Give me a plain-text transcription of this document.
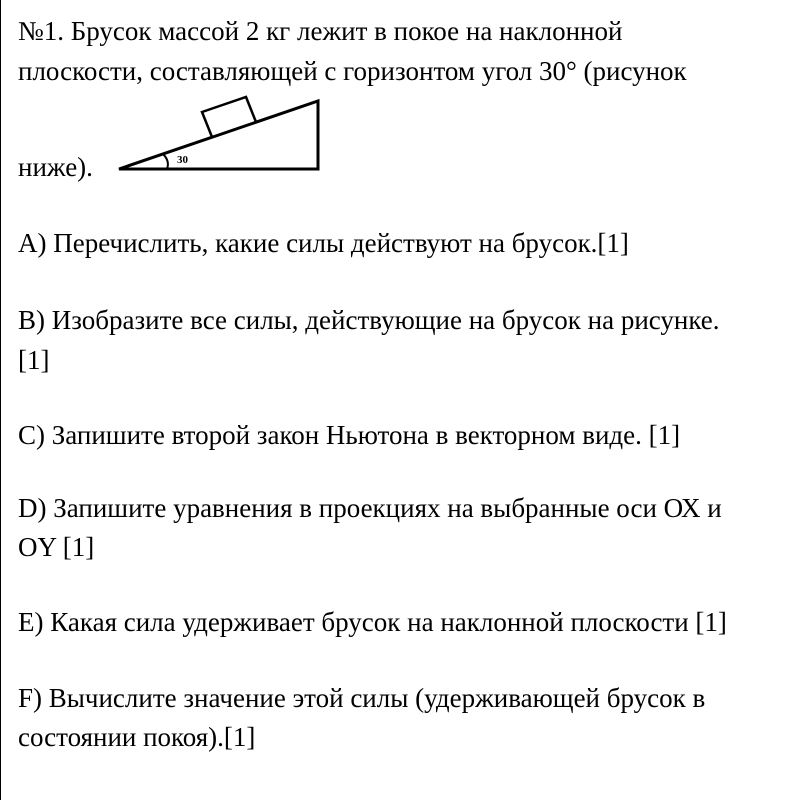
№1. Брусок массой 2 кг лежит в покое на наклонной

плоскости, составляющей с горизонтом угол 30° (рисунок

30

ниже).

А) Перечислить, какие силы действуют на брусок.[1]

В) Изобразите все силы, действующие на брусок на рисунке.

[1]

С) Запишите второй закон Ньютона в векторном виде. [1]

D) Запишите уравнения в проекциях на выбранные оси ОХ и

OY [1]

E) Какая сила удерживает брусок на наклонной плоскости [1]

F) Вычислите значение этой силы (удерживающей брусок в

состоянии покоя).[1]
